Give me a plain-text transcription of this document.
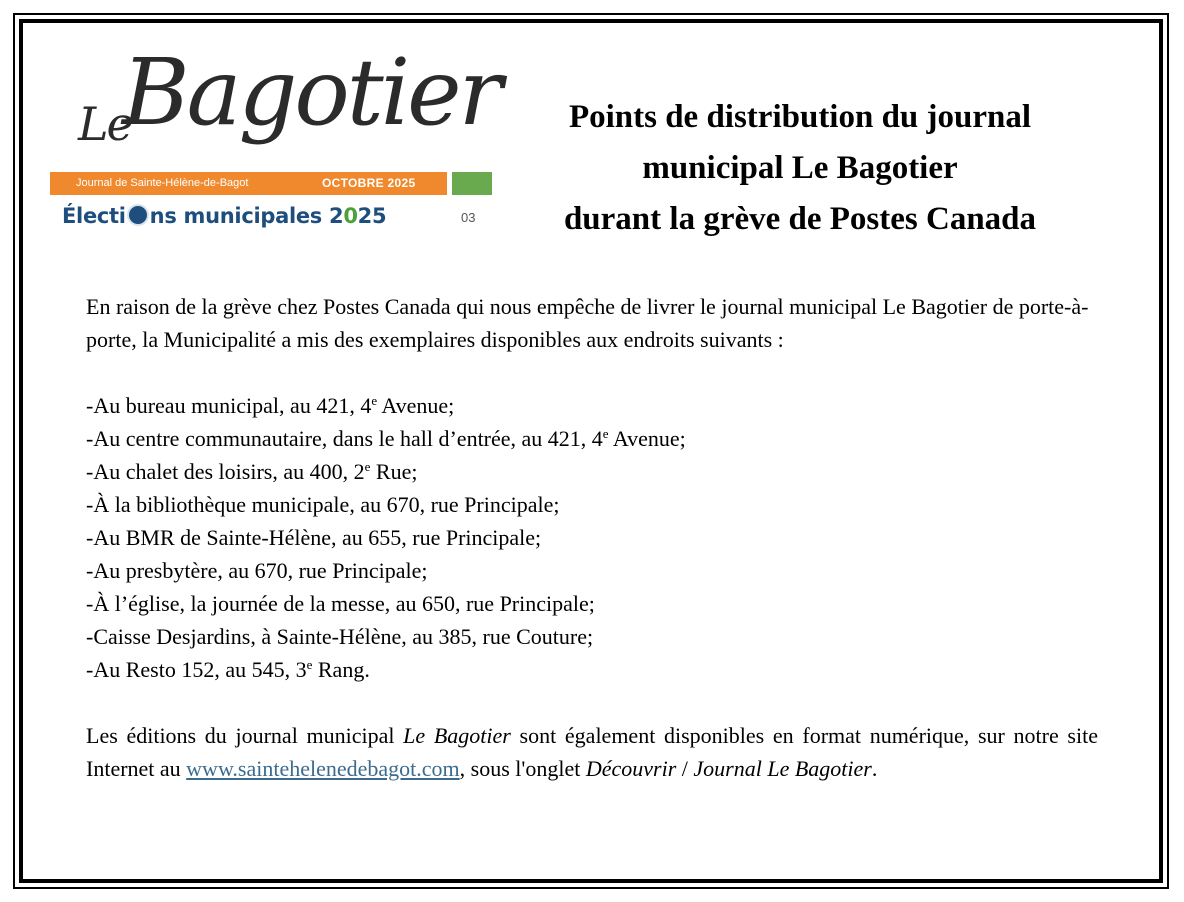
Le
Bagotier
Journal de Sainte-Hélène-de-Bagot	OCTOBRE 2025
Électi ns municipales 2025	03
Points de distribution du journal
municipal Le Bagotier
durant la grève de Postes Canada

En raison de la grève chez Postes Canada qui nous empêche de livrer le journal municipal Le Bagotier de porte-à-porte, la Municipalité a mis des exemplaires disponibles aux endroits suivants :

-Au bureau municipal, au 421, 4e Avenue;
-Au centre communautaire, dans le hall d’entrée, au 421, 4e Avenue;
-Au chalet des loisirs, au 400, 2e Rue;
-À la bibliothèque municipale, au 670, rue Principale;
-Au BMR de Sainte-Hélène, au 655, rue Principale;
-Au presbytère, au 670, rue Principale;
-À l’église, la journée de la messe, au 650, rue Principale;
-Caisse Desjardins, à Sainte-Hélène, au 385, rue Couture;
-Au Resto 152, au 545, 3e Rang.

Les éditions du journal municipal Le Bagotier sont également disponibles en format numérique, sur notre site Internet au www.saintehelenedebagot.com, sous l'onglet Découvrir / Journal Le Bagotier.
